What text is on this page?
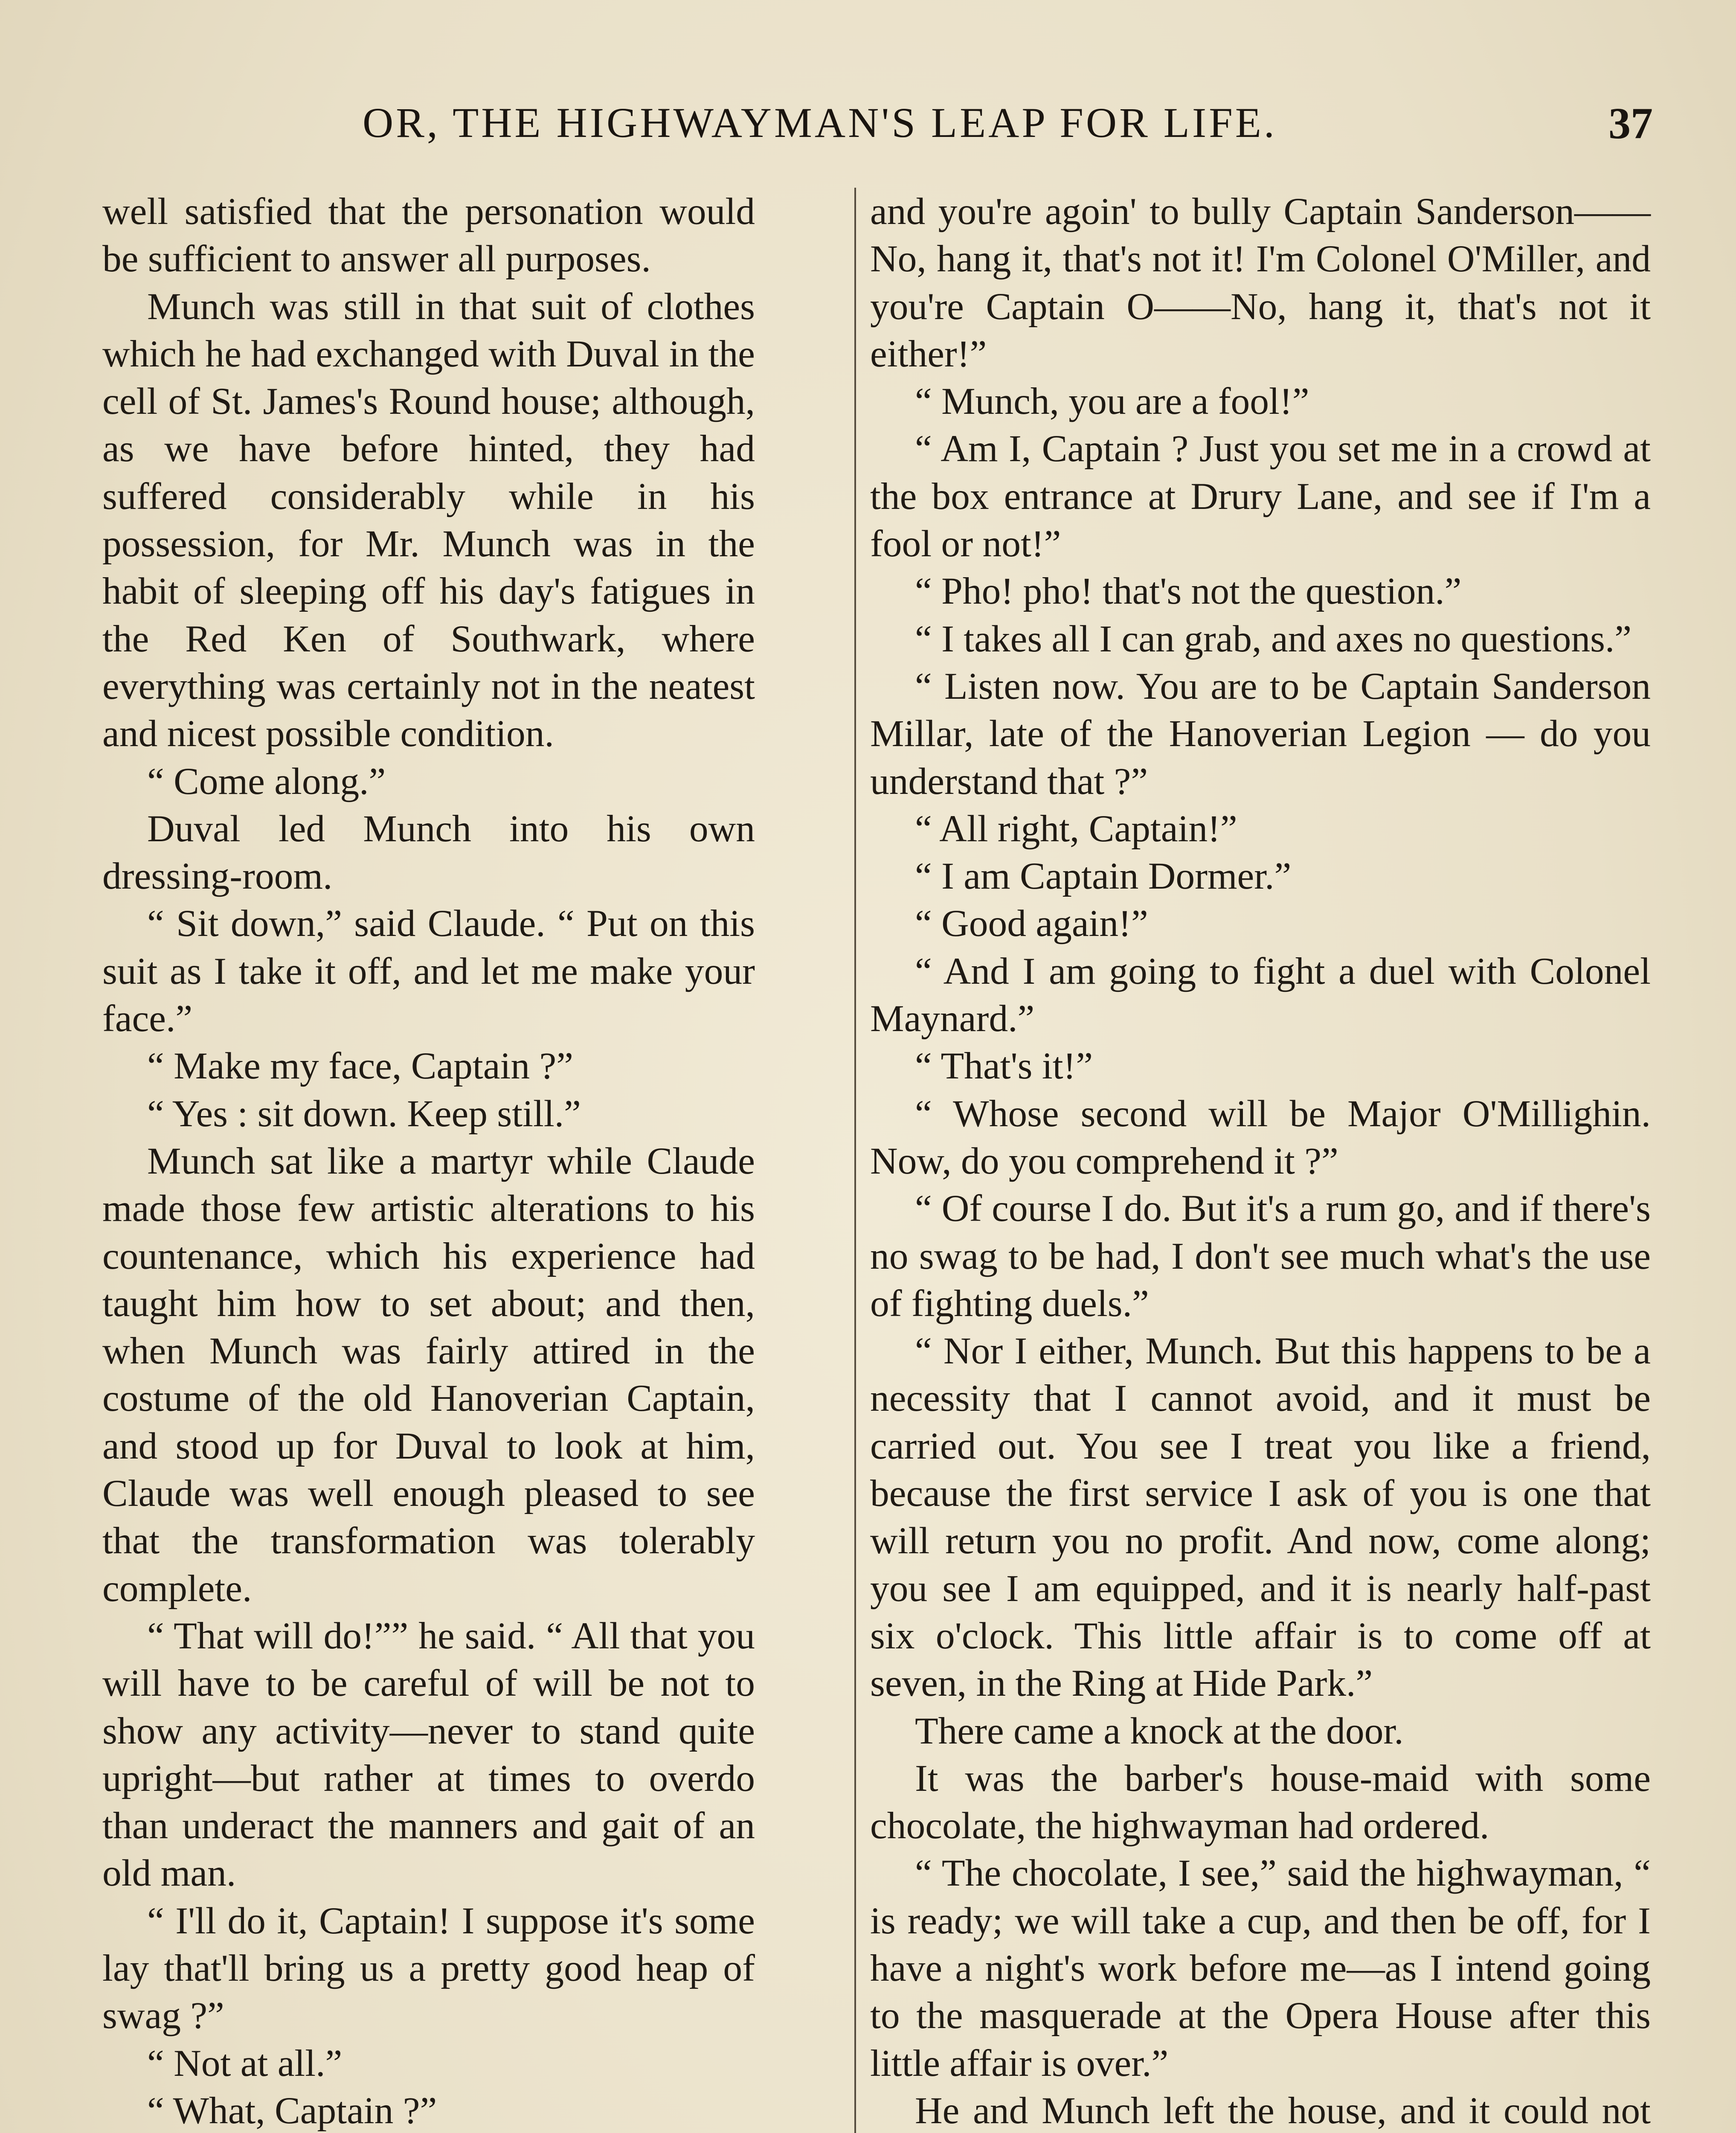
OR, THE HIGHWAYMAN'S LEAP FOR LIFE.	37

well satisfied that the personation would be sufficient to answer all purposes.

Munch was still in that suit of clothes which he had exchanged with Duval in the cell of St. James's Round house; although, as we have before hinted, they had suffered considerably while in his possession, for Mr. Munch was in the habit of sleeping off his day's fatigues in the Red Ken of Southwark, where everything was certainly not in the neatest and nicest possible condition.

“ Come along.”

Duval led Munch into his own dressing-room.

“ Sit down,” said Claude. “ Put on this suit as I take it off, and let me make your face.”

“ Make my face, Captain ?”

“ Yes : sit down. Keep still.”

Munch sat like a martyr while Claude made those few artistic alterations to his countenance, which his experience had taught him how to set about; and then, when Munch was fairly attired in the costume of the old Hanoverian Captain, and stood up for Duval to look at him, Claude was well enough pleased to see that the transformation was tolerably complete.

“ That will do!”” he said. “ All that you will have to be careful of will be not to show any activity—never to stand quite upright—but rather at times to overdo than underact the manners and gait of an old man.

“ I'll do it, Captain! I suppose it's some lay that'll bring us a pretty good heap of swag ?”

“ Not at all.”

“ What, Captain ?”

and you're agoin' to bully Captain Sanderson——No, hang it, that's not it! I'm Colonel O'Miller, and you're Captain O——No, hang it, that's not it either!”

“ Munch, you are a fool!”

“ Am I, Captain ? Just you set me in a crowd at the box entrance at Drury Lane, and see if I'm a fool or not!”

“ Pho! pho! that's not the question.”

“ I takes all I can grab, and axes no questions.”

“ Listen now. You are to be Captain Sanderson Millar, late of the Hanoverian Legion — do you understand that ?”

“ All right, Captain!”

“ I am Captain Dormer.”

“ Good again!”

“ And I am going to fight a duel with Colonel Maynard.”

“ That's it!”

“ Whose second will be Major O'Millighin. Now, do you comprehend it ?”

“ Of course I do. But it's a rum go, and if there's no swag to be had, I don't see much what's the use of fighting duels.”

“ Nor I either, Munch. But this happens to be a necessity that I cannot avoid, and it must be carried out. You see I treat you like a friend, because the first service I ask of you is one that will return you no profit. And now, come along; you see I am equipped, and it is nearly half-past six o'clock. This little affair is to come off at seven, in the Ring at Hide Park.”

There came a knock at the door.

It was the barber's house-maid with some chocolate, the highwayman had ordered.

“ The chocolate, I see,” said the highwayman, “ is ready; we will take a cup, and then be off, for I have a night's work before me—as I intend going to the masquerade at the Opera House after this little affair is over.”

He and Munch left the house, and it could not
